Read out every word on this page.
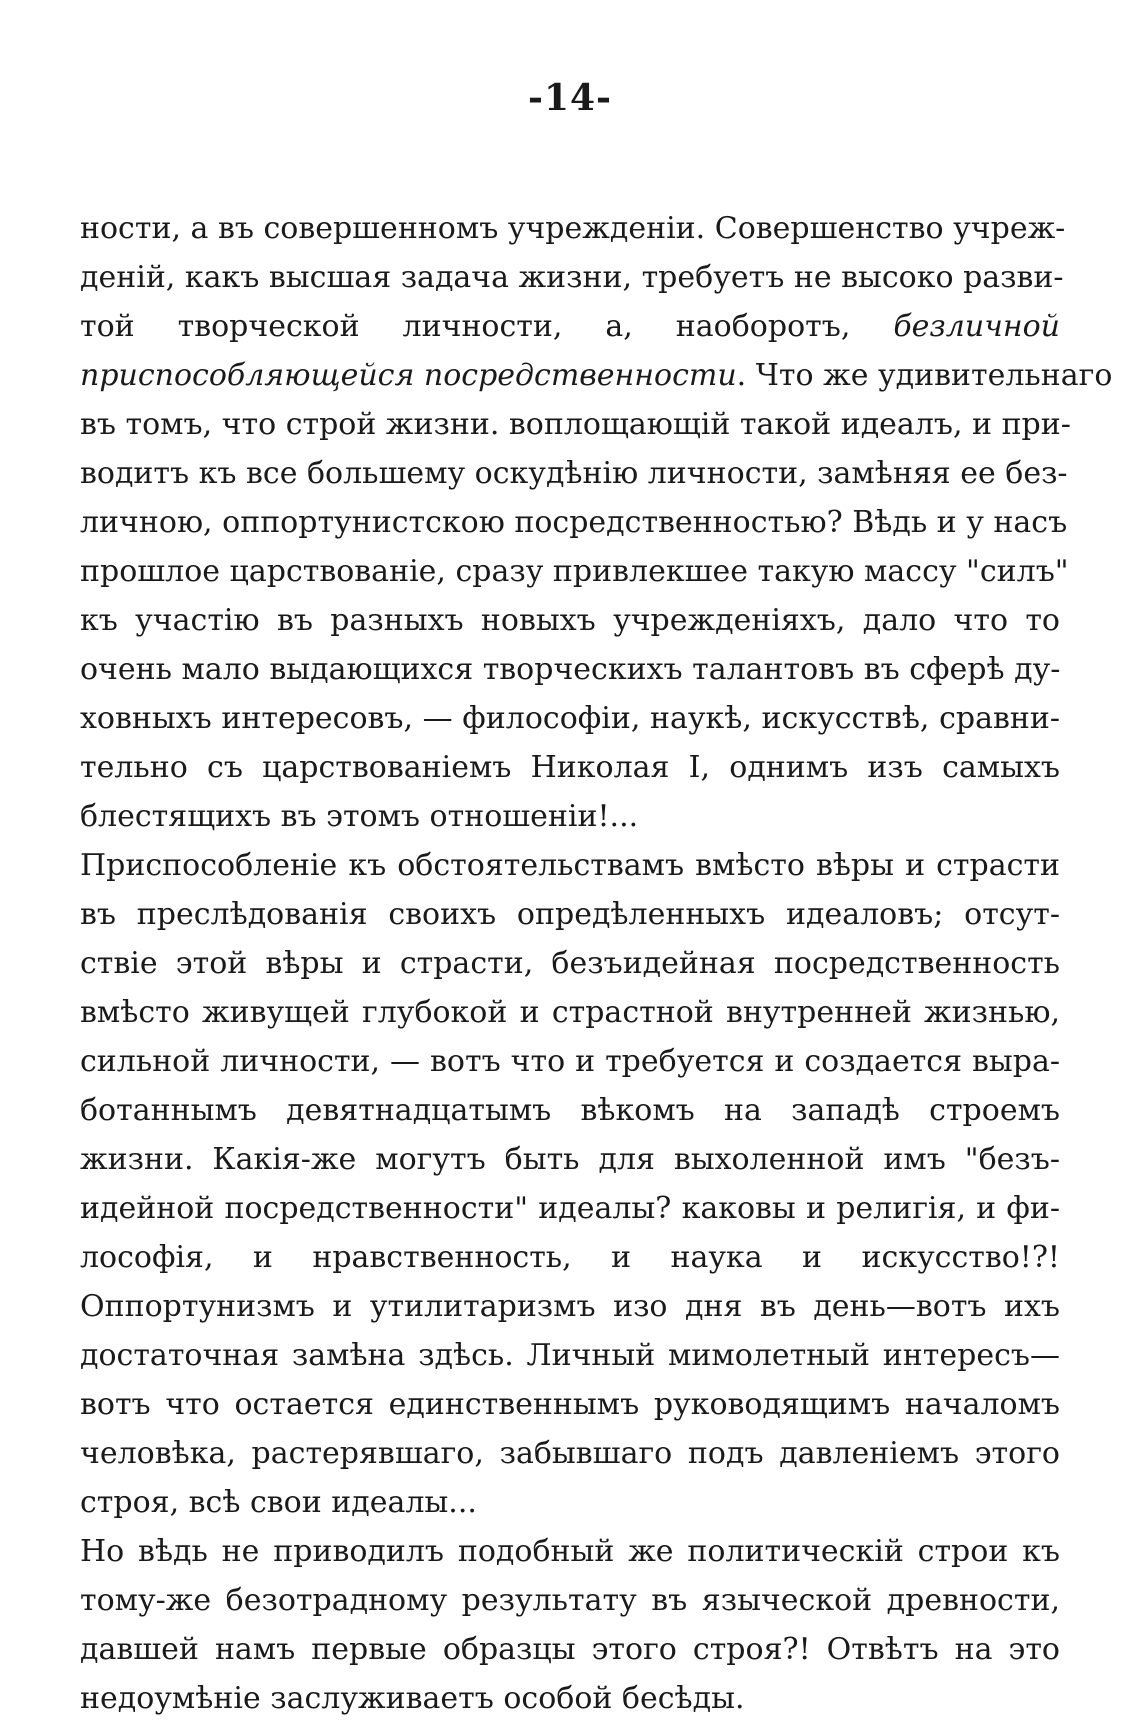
-14-
ности, а въ совершенномъ учрежденіи. Совершенство учреж-
деній, какъ высшая задача жизни, требуетъ не высоко разви-
той творческой личности, а, наоборотъ, безличной
приспособляющейся посредственности. Что же удивительнаго
въ томъ, что строй жизни. воплощающій такой идеалъ, и при-
водитъ къ все большему оскудѣнію личности, замѣняя ее без-
личною, оппортунистскою посредственностью? Вѣдь и у насъ
прошлое царствованіе, сразу привлекшее такую массу "силъ"
къ участію въ разныхъ новыхъ учрежденіяхъ, дало что то
очень мало выдающихся творческихъ талантовъ въ сферѣ ду-
ховныхъ интересовъ, — философіи, наукѣ, искусствѣ, сравни-
тельно съ царствованіемъ Николая I, однимъ изъ самыхъ
блестящихъ въ этомъ отношеніи!...
Приспособленіе къ обстоятельствамъ вмѣсто вѣры и страсти
въ преслѣдованія своихъ опредѣленныхъ идеаловъ; отсут-
ствіе этой вѣры и страсти, безъидейная посредственность
вмѣсто живущей глубокой и страстной внутренней жизнью,
сильной личности, — вотъ что и требуется и создается выра-
ботаннымъ девятнадцатымъ вѣкомъ на западѣ строемъ
жизни. Какія-же могутъ быть для выхоленной имъ "безъ-
идейной посредственности" идеалы? каковы и религія, и фи-
лософія, и нравственность, и наука и искусство!?!
Оппортунизмъ и утилитаризмъ изо дня въ день—вотъ ихъ
достаточная замѣна здѣсь. Личный мимолетный интересъ—
вотъ что остается единственнымъ руководящимъ началомъ
человѣка, растерявшаго, забывшаго подъ давленіемъ этого
строя, всѣ свои идеалы...
Но вѣдь не приводилъ подобный же политическій строи къ
тому-же безотрадному результату въ языческой древности,
давшей намъ первые образцы этого строя?! Отвѣтъ на это
недоумѣніе заслуживаетъ особой бесѣды.
